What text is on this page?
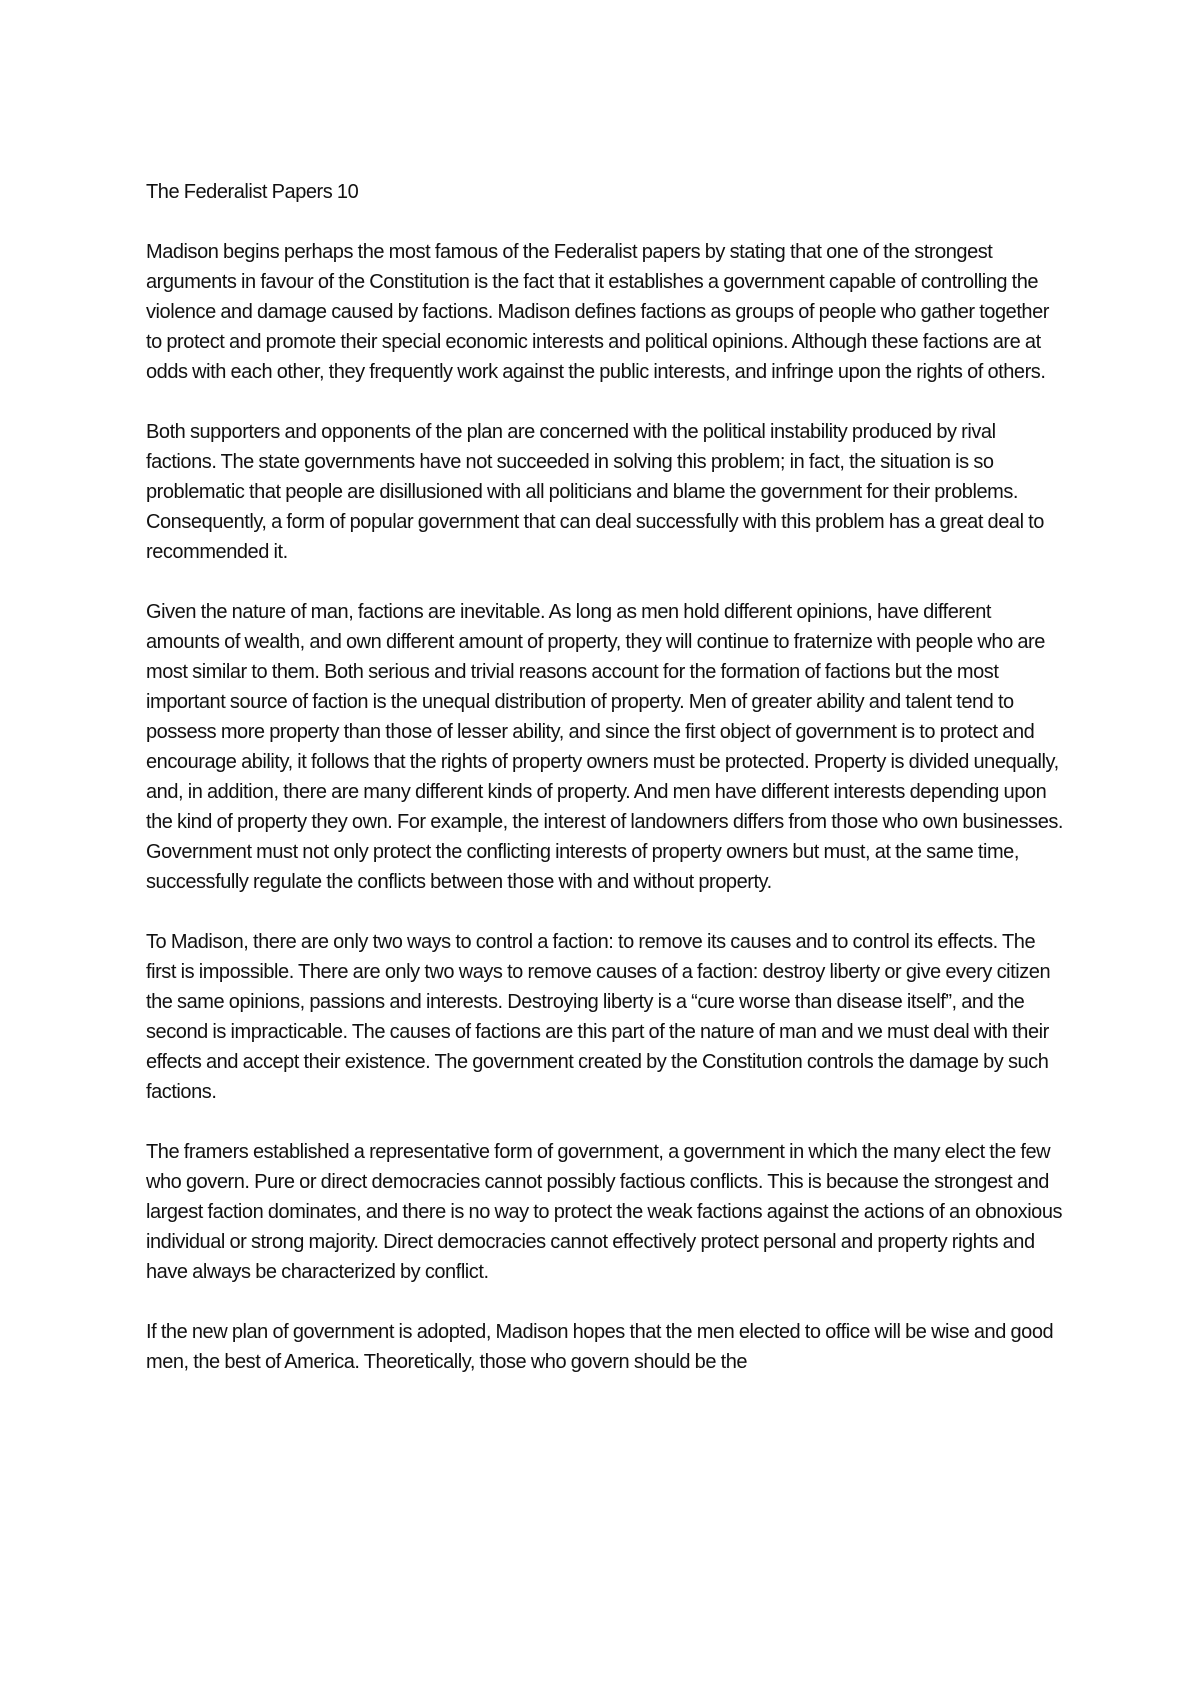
The Federalist Papers 10

Madison begins perhaps the most famous of the Federalist papers by stating that one of the strongest arguments in favour of the Constitution is the fact that it establishes a government capable of controlling the violence and damage caused by factions. Madison defines factions as groups of people who gather together to protect and promote their special economic interests and political opinions. Although these factions are at odds with each other, they frequently work against the public interests, and infringe upon the rights of others.

Both supporters and opponents of the plan are concerned with the political instability produced by rival factions. The state governments have not succeeded in solving this problem; in fact, the situation is so problematic that people are disillusioned with all politicians and blame the government for their problems. Consequently, a form of popular government that can deal successfully with this problem has a great deal to recommended it.

Given the nature of man, factions are inevitable. As long as men hold different opinions, have different amounts of wealth, and own different amount of property, they will continue to fraternize with people who are most similar to them. Both serious and trivial reasons account for the formation of factions but the most important source of faction is the unequal distribution of property. Men of greater ability and talent tend to possess more property than those of lesser ability, and since the first object of government is to protect and encourage ability, it follows that the rights of property owners must be protected. Property is divided unequally, and, in addition, there are many different kinds of property. And men have different interests depending upon the kind of property they own. For example, the interest of landowners differs from those who own businesses. Government must not only protect the conflicting interests of property owners but must, at the same time, successfully regulate the conflicts between those with and without property.

To Madison, there are only two ways to control a faction: to remove its causes and to control its effects. The first is impossible. There are only two ways to remove causes of a faction: destroy liberty or give every citizen the same opinions, passions and interests. Destroying liberty is a “cure worse than disease itself”, and the second is impracticable. The causes of factions are this part of the nature of man and we must deal with their effects and accept their existence. The government created by the Constitution controls the damage by such factions.

The framers established a representative form of government, a government in which the many elect the few who govern. Pure or direct democracies cannot possibly factious conflicts. This is because the strongest and largest faction dominates, and there is no way to protect the weak factions against the actions of an obnoxious individual or strong majority. Direct democracies cannot effectively protect personal and property rights and have always be characterized by conflict.

If the new plan of government is adopted, Madison hopes that the men elected to office will be wise and good men, the best of America. Theoretically, those who govern should be the
